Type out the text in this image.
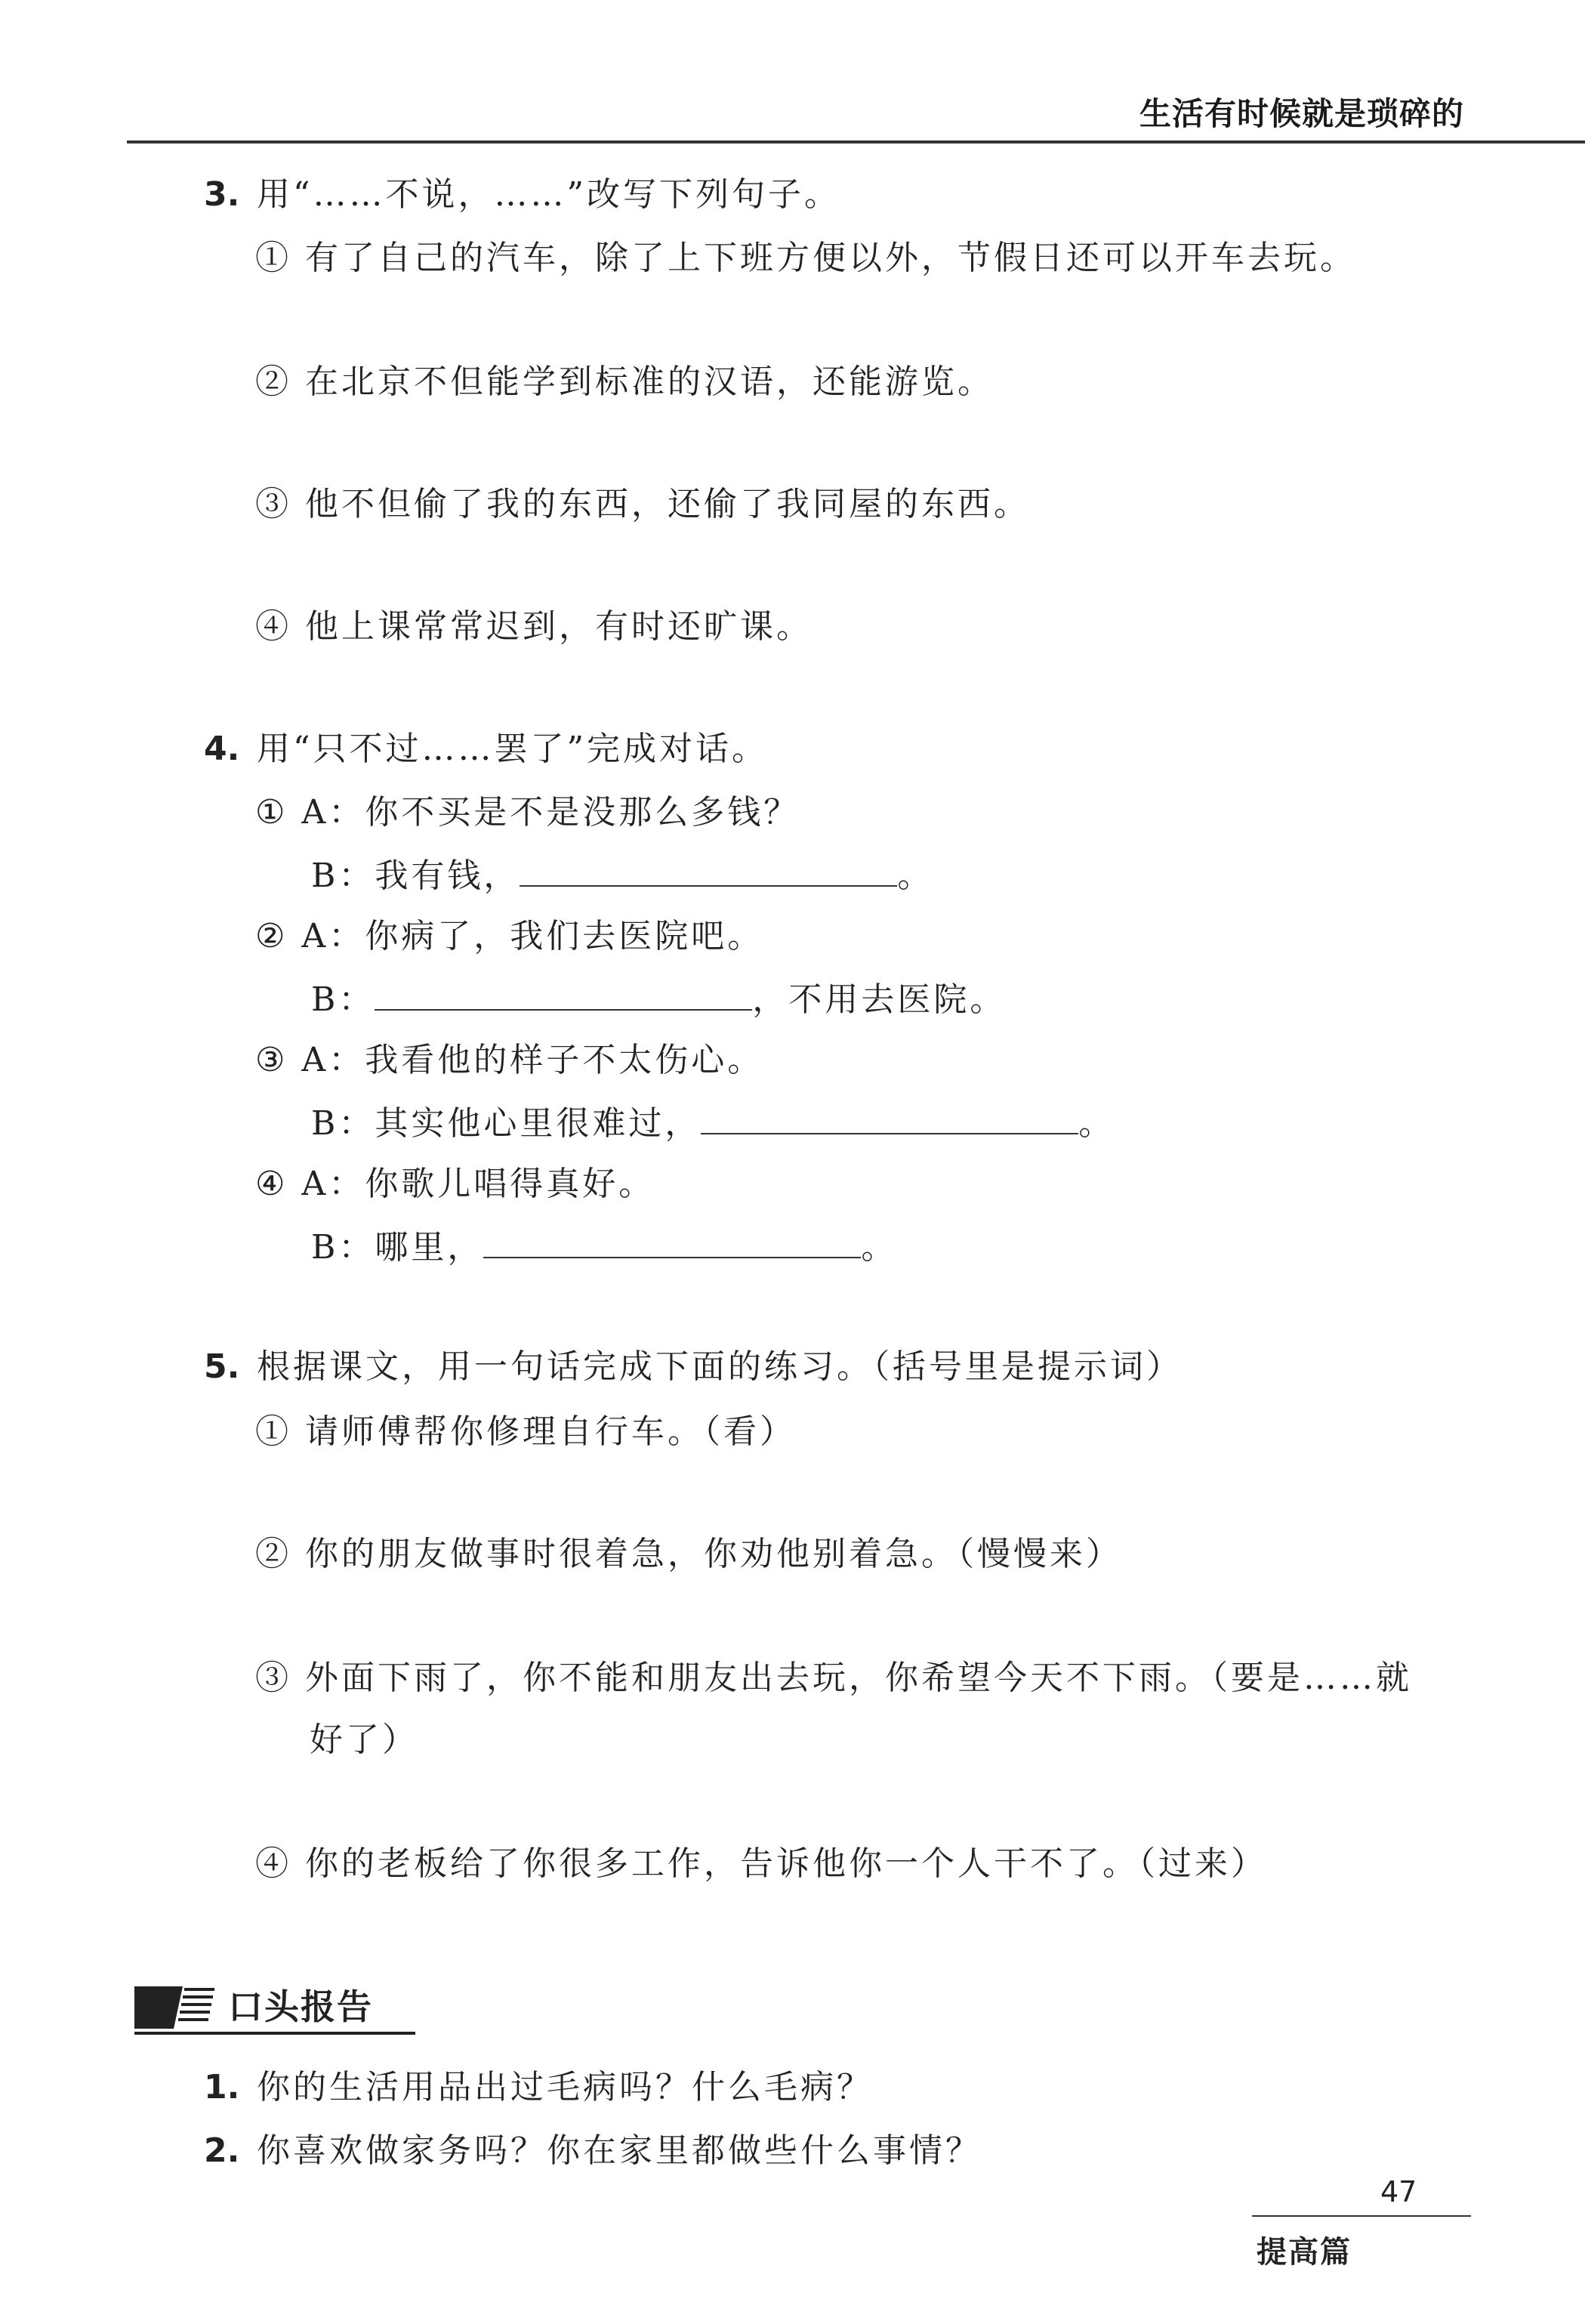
生活有时候就是琐碎的
3. 用“……不说，……”改写下列句子。
① 有了自己的汽车，除了上下班方便以外，节假日还可以开车去玩。
② 在北京不但能学到标准的汉语，还能游览。
③ 他不但偷了我的东西，还偷了我同屋的东西。
④ 他上课常常迟到，有时还旷课。
4. 用“只不过……罢了”完成对话。
① A：你不买是不是没那么多钱？
B：我有钱，	。
② A：你病了，我们去医院吧。
B：	，不用去医院。
③ A：我看他的样子不太伤心。
B：其实他心里很难过，	。
④ A：你歌儿唱得真好。
B：哪里，	。
5. 根据课文，用一句话完成下面的练习。（括号里是提示词）
① 请师傅帮你修理自行车。（看）
② 你的朋友做事时很着急，你劝他别着急。（慢慢来）
③ 外面下雨了，你不能和朋友出去玩，你希望今天不下雨。（要是……就
好了）
④ 你的老板给了你很多工作，告诉他你一个人干不了。（过来）
口头报告
1. 你的生活用品出过毛病吗？什么毛病？
2. 你喜欢做家务吗？你在家里都做些什么事情？
47
提高篇
